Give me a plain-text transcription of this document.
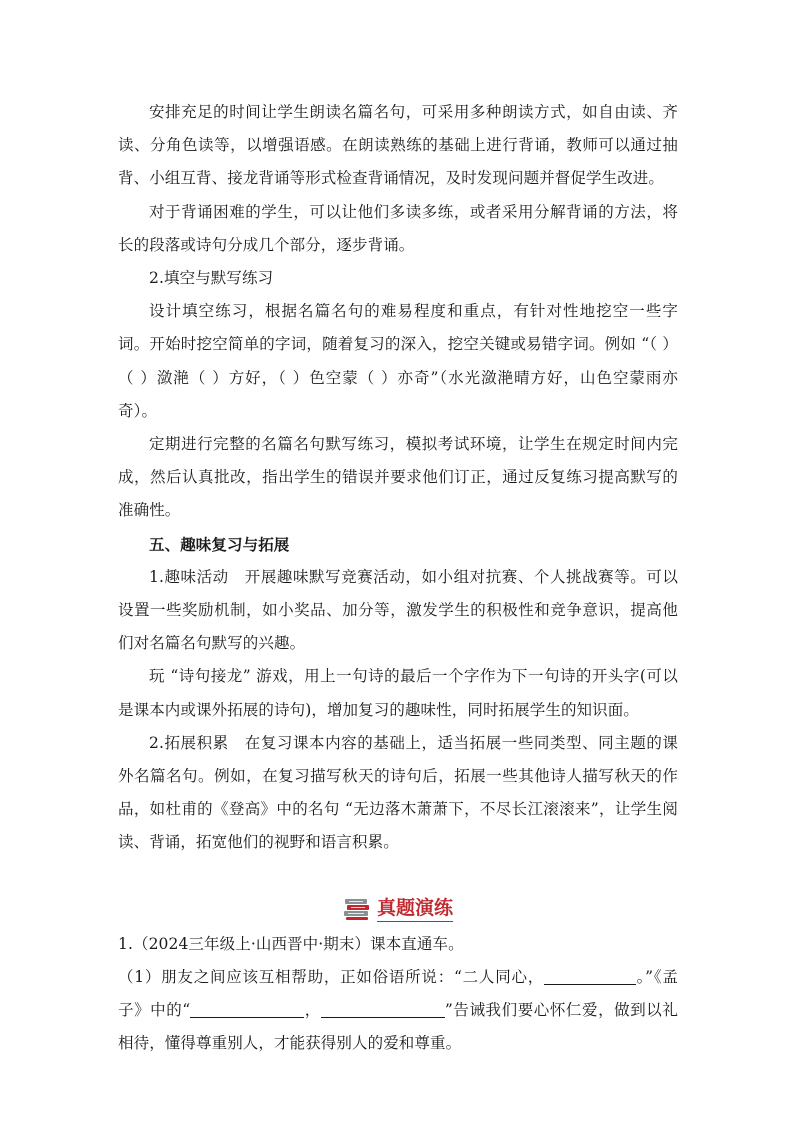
安排充足的时间让学生朗读名篇名句，可采用多种朗读方式，如自由读、齐读、分角色读等，以增强语感。在朗读熟练的基础上进行背诵，教师可以通过抽背、小组互背、接龙背诵等形式检查背诵情况，及时发现问题并督促学生改进。

对于背诵困难的学生，可以让他们多读多练，或者采用分解背诵的方法，将长的段落或诗句分成几个部分，逐步背诵。

2.填空与默写练习

设计填空练习，根据名篇名句的难易程度和重点，有针对性地挖空一些字词。开始时挖空简单的字词，随着复习的深入，挖空关键或易错字词。例如 “（ ）（ ）潋滟（ ）方好，（ ）色空蒙（ ）亦奇”（水光潋滟晴方好，山色空蒙雨亦奇）。

定期进行完整的名篇名句默写练习，模拟考试环境，让学生在规定时间内完成，然后认真批改，指出学生的错误并要求他们订正，通过反复练习提高默写的准确性。

五、趣味复习与拓展

1.趣味活动　开展趣味默写竞赛活动，如小组对抗赛、个人挑战赛等。可以设置一些奖励机制，如小奖品、加分等，激发学生的积极性和竞争意识，提高他们对名篇名句默写的兴趣。

玩 “诗句接龙” 游戏，用上一句诗的最后一个字作为下一句诗的开头字(可以是课本内或课外拓展的诗句)，增加复习的趣味性，同时拓展学生的知识面。

2.拓展积累　在复习课本内容的基础上，适当拓展一些同类型、同主题的课外名篇名句。例如，在复习描写秋天的诗句后，拓展一些其他诗人描写秋天的作品，如杜甫的《登高》中的名句 “无边落木萧萧下，不尽长江滚滚来”，让学生阅读、背诵，拓宽他们的视野和语言积累。

真题演练

1.（2024三年级上·山西晋中·期末）课本直通车。

（1）朋友之间应该互相帮助，正如俗语所说：“二人同心，	。”《孟子》中的“	，	”告诫我们要心怀仁爱，做到以礼相待，懂得尊重别人，才能获得别人的爱和尊重。
